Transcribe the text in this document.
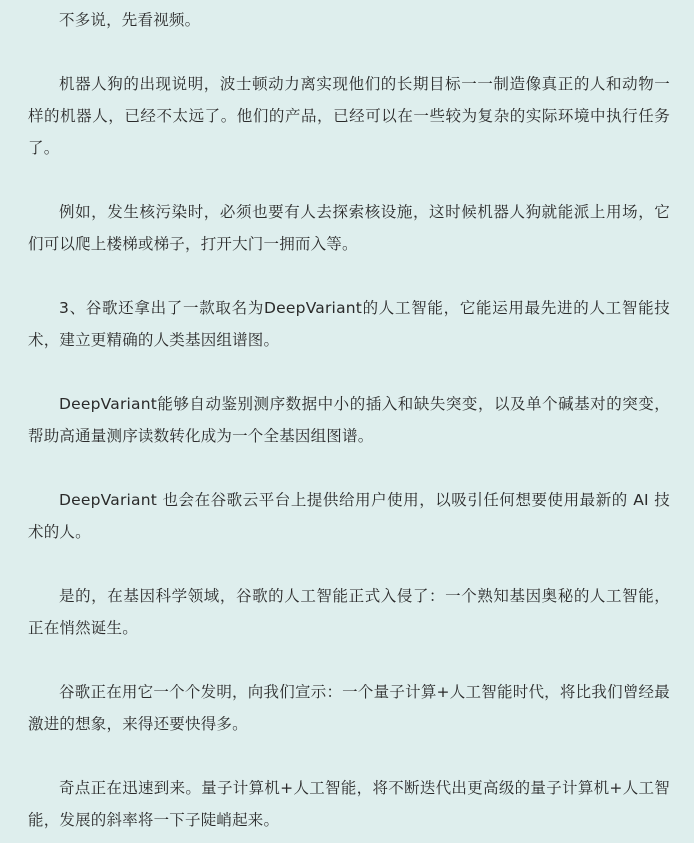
不多说，先看视频。

机器人狗的出现说明，波士顿动力离实现他们的长期目标一一制造像真正的人和动物一样的机器人，已经不太远了。他们的产品，已经可以在一些较为复杂的实际环境中执行任务了。

例如，发生核污染时，必须也要有人去探索核设施，这时候机器人狗就能派上用场，它们可以爬上楼梯或梯子，打开大门一拥而入等。

3、谷歌还拿出了一款取名为DeepVariant的人工智能，它能运用最先进的人工智能技术，建立更精确的人类基因组谱图。

DeepVariant能够自动鉴别测序数据中小的插入和缺失突变，以及单个碱基对的突变，帮助高通量测序读数转化成为一个全基因组图谱。

DeepVariant 也会在谷歌云平台上提供给用户使用，以吸引任何想要使用最新的 AI 技术的人。

是的，在基因科学领域，谷歌的人工智能正式入侵了：一个熟知基因奥秘的人工智能，正在悄然诞生。

谷歌正在用它一个个发明，向我们宣示：一个量子计算+人工智能时代，将比我们曾经最激进的想象，来得还要快得多。

奇点正在迅速到来。量子计算机+人工智能，将不断迭代出更高级的量子计算机+人工智能，发展的斜率将一下子陡峭起来。
